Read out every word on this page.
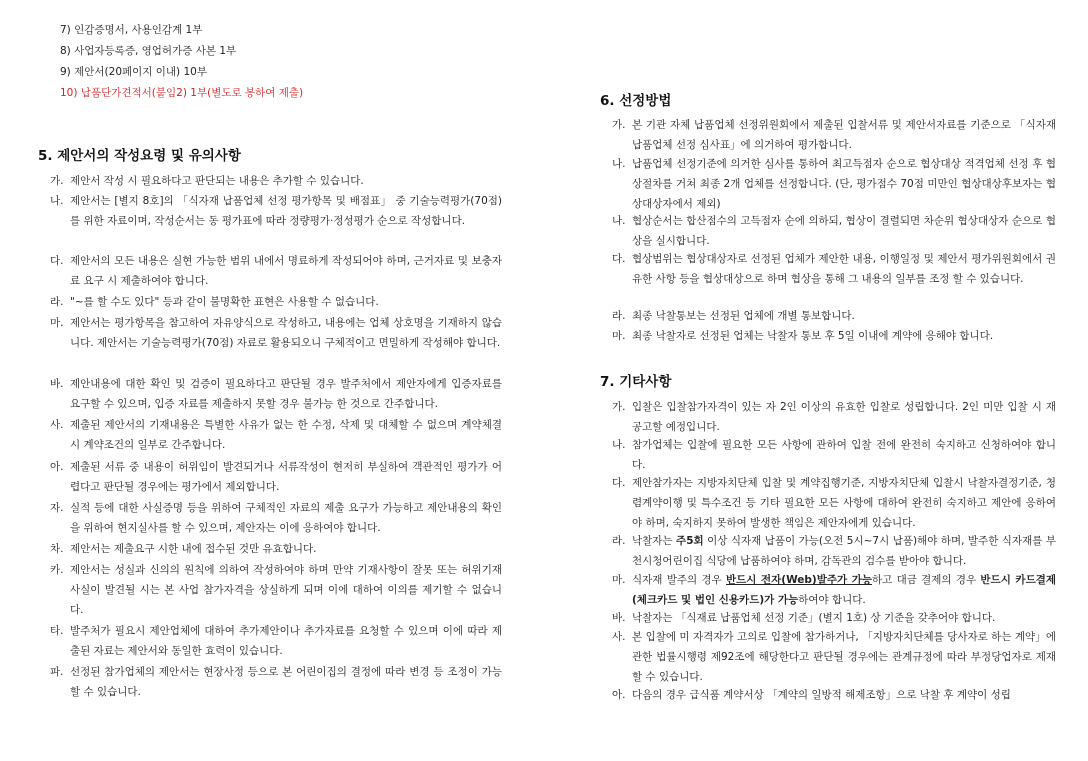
7) 인감증명서, 사용인감계 1부
8) 사업자등록증, 영업허가증 사본 1부
9) 제안서(20페이지 이내) 10부
10) 납품단가견적서(붙임2) 1부(별도로 봉하여 제출)
5. 제안서의 작성요령 및 유의사항
가. 제안서 작성 시 필요하다고 판단되는 내용은 추가할 수 있습니다.
나. 제안서는 [별지 8호]의 「식자재 납품업체 선정 평가항목 및 배점표」 중 기술능력평가(70점)를 위한 자료이며, 작성순서는 동 평가표에 따라 정량평가·정성평가 순으로 작성합니다.
다. 제안서의 모든 내용은 실현 가능한 범위 내에서 명료하게 작성되어야 하며, 근거자료 및 보충자료 요구 시 제출하여야 합니다.
라. "~를 할 수도 있다" 등과 같이 불명확한 표현은 사용할 수 없습니다.
마. 제안서는 평가항목을 참고하여 자유양식으로 작성하고, 내용에는 업체 상호명을 기재하지 않습니다. 제안서는 기술능력평가(70점) 자료로 활용되오니 구체적이고 면밀하게 작성해야 합니다.
바. 제안내용에 대한 확인 및 검증이 필요하다고 판단될 경우 발주처에서 제안자에게 입증자료를 요구할 수 있으며, 입증 자료를 제출하지 못할 경우 불가능 한 것으로 간주합니다.
사. 제출된 제안서의 기재내용은 특별한 사유가 없는 한 수정, 삭제 및 대체할 수 없으며 계약체결 시 계약조건의 일부로 간주합니다.
아. 제출된 서류 중 내용이 허위임이 발견되거나 서류작성이 현저히 부실하여 객관적인 평가가 어렵다고 판단될 경우에는 평가에서 제외합니다.
자. 실적 등에 대한 사실증명 등을 위하여 구체적인 자료의 제출 요구가 가능하고 제안내용의 확인을 위하여 현지실사를 할 수 있으며, 제안자는 이에 응하여야 합니다.
차. 제안서는 제출요구 시한 내에 접수된 것만 유효합니다.
카. 제안서는 성실과 신의의 원칙에 의하여 작성하여야 하며 만약 기재사항이 잘못 또는 허위기재 사실이 발견될 시는 본 사업 참가자격을 상실하게 되며 이에 대하여 이의를 제기할 수 없습니다.
타. 발주처가 필요시 제안업체에 대하여 추가제안이나 추가자료를 요청할 수 있으며 이에 따라 제출된 자료는 제안서와 동일한 효력이 있습니다.
파. 선정된 참가업체의 제안서는 현장사정 등으로 본 어린이집의 결정에 따라 변경 등 조정이 가능할 수 있습니다.
6. 선정방법
가. 본 기관 자체 납품업체 선정위원회에서 제출된 입찰서류 및 제안서자료를 기준으로 「식자재 납품업체 선정 심사표」에 의거하여 평가합니다.
나. 납품업체 선정기준에 의거한 심사를 통하여 최고득점자 순으로 협상대상 적격업체 선정 후 협상절차를 거쳐 최종 2개 업체를 선정합니다. (단, 평가점수 70점 미만인 협상대상후보자는 협상대상자에서 제외)
나. 협상순서는 합산점수의 고득점자 순에 의하되, 협상이 결렬되면 차순위 협상대상자 순으로 협상을 실시합니다.
다. 협상범위는 협상대상자로 선정된 업체가 제안한 내용, 이행일정 및 제안서 평가위원회에서 권유한 사항 등을 협상대상으로 하며 협상을 통해 그 내용의 일부를 조정 할 수 있습니다.
라. 최종 낙찰통보는 선정된 업체에 개별 통보합니다.
마. 최종 낙찰자로 선정된 업체는 낙찰자 통보 후 5일 이내에 계약에 응해야 합니다.
7. 기타사항
가. 입찰은 입찰참가자격이 있는 자 2인 이상의 유효한 입찰로 성립합니다. 2인 미만 입찰 시 재공고할 예정입니다.
나. 참가업체는 입찰에 필요한 모든 사항에 관하여 입찰 전에 완전히 숙지하고 신청하여야 합니다.
다. 제안참가자는 지방자치단체 입찰 및 계약집행기준, 지방자치단체 입찰시 낙찰자결정기준, 청렴계약이행 및 특수조건 등 기타 필요한 모든 사항에 대하여 완전히 숙지하고 제안에 응하여야 하며, 숙지하지 못하여 발생한 책임은 제안자에게 있습니다.
라. 낙찰자는 주5회 이상 식자재 납품이 가능(오전 5시~7시 납품)해야 하며, 발주한 식자재를 부천시청어린이집 식당에 납품하여야 하며, 감독관의 검수를 받아야 합니다.
마. 식자재 발주의 경우 반드시 전자(Web)발주가 가능하고 대금 결제의 경우 반드시 카드결제(체크카드 및 법인 신용카드)가 가능하여야 합니다.
바. 낙찰자는 「식재료 납품업체 선정 기준」(별지 1호) 상 기준을 갖추어야 합니다.
사. 본 입찰에 미 자격자가 고의로 입찰에 참가하거나, 「지방자치단체를 당사자로 하는 계약」에 관한 법률시행령 제92조에 해당한다고 판단될 경우에는 관계규정에 따라 부정당업자로 제재할 수 있습니다.
아. 다음의 경우 급식품 계약서상 「계약의 일방적 해제조항」으로 낙찰 후 계약이 성립
